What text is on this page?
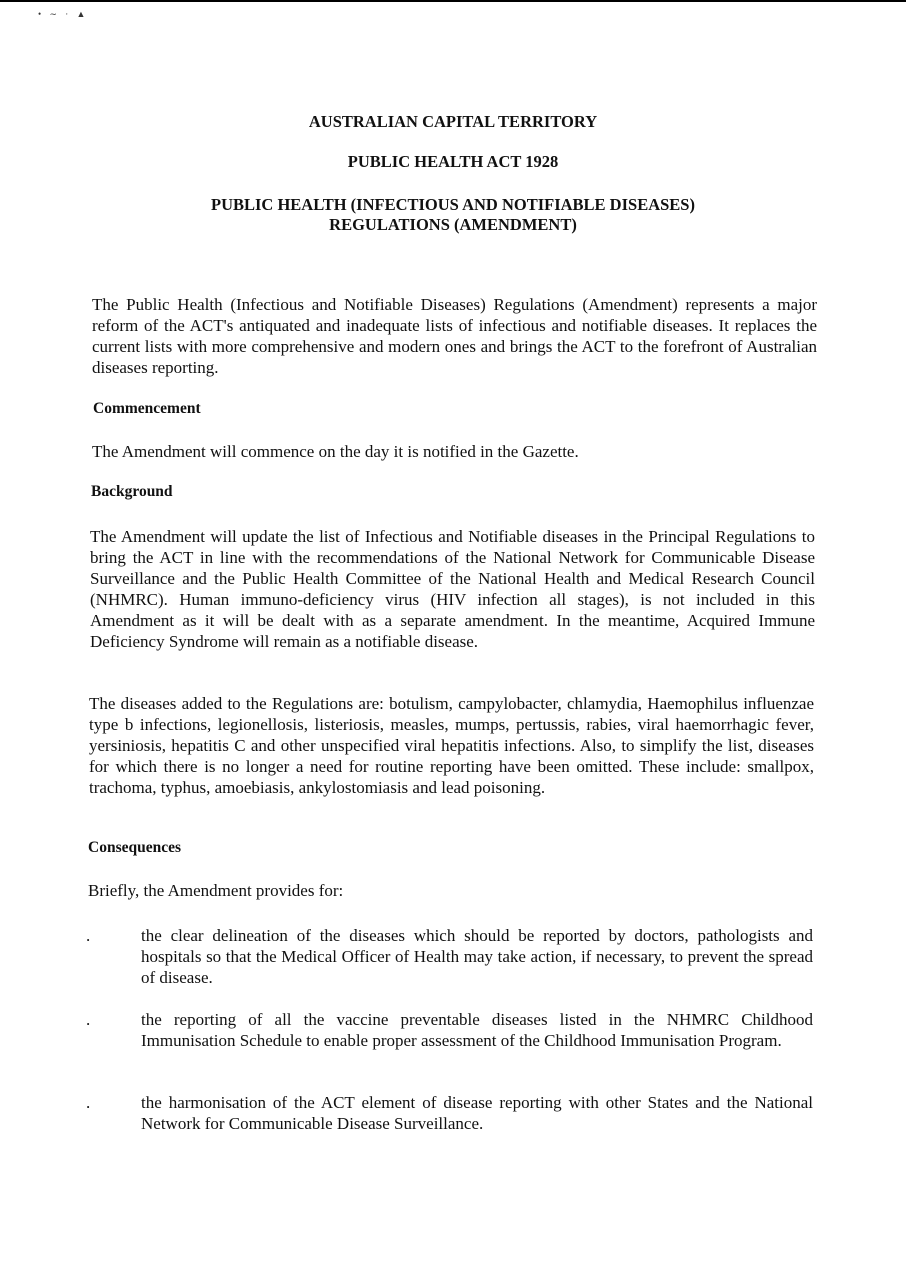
• ∼ · ▲
AUSTRALIAN CAPITAL TERRITORY
PUBLIC HEALTH ACT 1928
PUBLIC HEALTH (INFECTIOUS AND NOTIFIABLE DISEASES)
REGULATIONS (AMENDMENT)

The Public Health (Infectious and Notifiable Diseases) Regulations (Amendment) represents a major reform of the ACT's antiquated and inadequate lists of infectious and notifiable diseases. It replaces the current lists with more comprehensive and modern ones and brings the ACT to the forefront of Australian diseases reporting.

Commencement

The Amendment will commence on the day it is notified in the Gazette.

Background

The Amendment will update the list of Infectious and Notifiable diseases in the Principal Regulations to bring the ACT in line with the recommendations of the National Network for Communicable Disease Surveillance and the Public Health Committee of the National Health and Medical Research Council (NHMRC). Human immuno-deficiency virus (HIV infection all stages), is not included in this Amendment as it will be dealt with as a separate amendment. In the meantime, Acquired Immune Deficiency Syndrome will remain as a notifiable disease.

The diseases added to the Regulations are: botulism, campylobacter, chlamydia, Haemophilus influenzae type b infections, legionellosis, listeriosis, measles, mumps, pertussis, rabies, viral haemorrhagic fever, yersiniosis, hepatitis C and other unspecified viral hepatitis infections. Also, to simplify the list, diseases for which there is no longer a need for routine reporting have been omitted. These include: smallpox, trachoma, typhus, amoebiasis, ankylostomiasis and lead poisoning.

Consequences

Briefly, the Amendment provides for:

.	the clear delineation of the diseases which should be reported by doctors, pathologists and hospitals so that the Medical Officer of Health may take action, if necessary, to prevent the spread of disease.

.	the reporting of all the vaccine preventable diseases listed in the NHMRC Childhood Immunisation Schedule to enable proper assessment of the Childhood Immunisation Program.

.	the harmonisation of the ACT element of disease reporting with other States and the National Network for Communicable Disease Surveillance.
